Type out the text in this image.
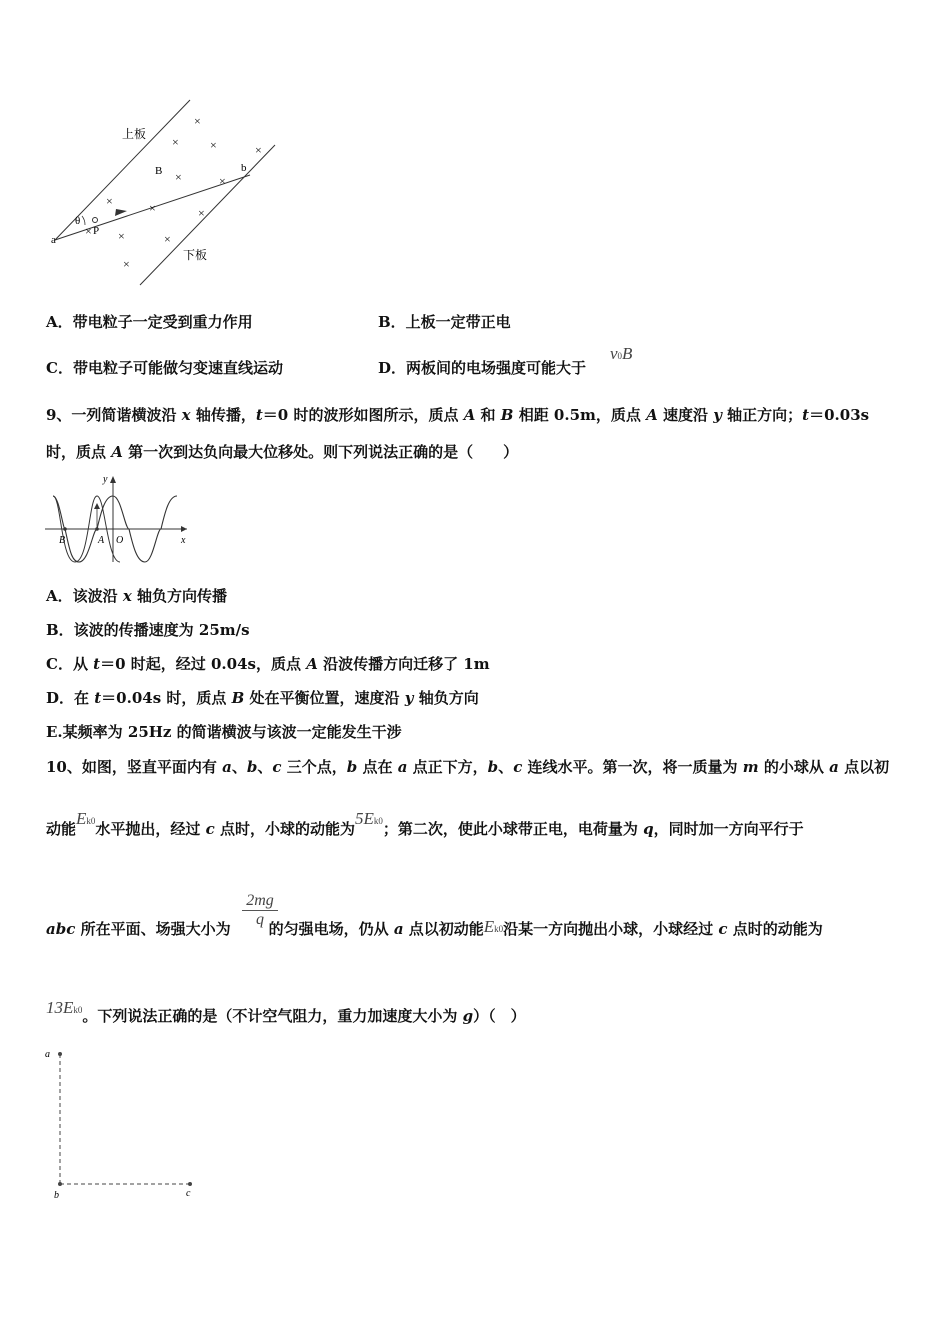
上板
下板
B	b
a
θ
P
×
×	×	×
×	×
×	×	×
× ×	×
×
A．带电粒子一定受到重力作用	B．上板一定带正电
C．带电粒子可能做匀变速直线运动	D．两板间的电场强度可能大于
v0B
9、一列简谐横波沿 x 轴传播，t＝0 时的波形如图所示，质点 A 和 B 相距 0.5m，质点 A 速度沿 y 轴正方向；t＝0.03s
时，质点 A 第一次到达负向最大位移处。则下列说法正确的是（　　）
y
x
B	A O
A．该波沿 x 轴负方向传播
B．该波的传播速度为 25m/s
C．从 t＝0 时起，经过 0.04s，质点 A 沿波传播方向迁移了 1m
D．在 t＝0.04s 时，质点 B 处在平衡位置，速度沿 y 轴负方向
E.某频率为 25Hz 的简谐横波与该波一定能发生干涉
10、如图，竖直平面内有 a、b、c 三个点，b 点在 a 点正下方，b、c 连线水平。第一次，将一质量为 m 的小球从 a 点以初
动能Ek0水平抛出，经过 c 点时，小球的动能为5Ek0；第二次，使此小球带正电，电荷量为 q，同时加一方向平行于
$\frac{2mg}{q}$
abc 所在平面、场强大小为	的匀强电场，仍从 a 点以初动能Ek0沿某一方向抛出小球，小球经过 c 点时的动能为
13Ek0。下列说法正确的是（不计空气阻力，重力加速度大小为 g）（　）
a
b	c
